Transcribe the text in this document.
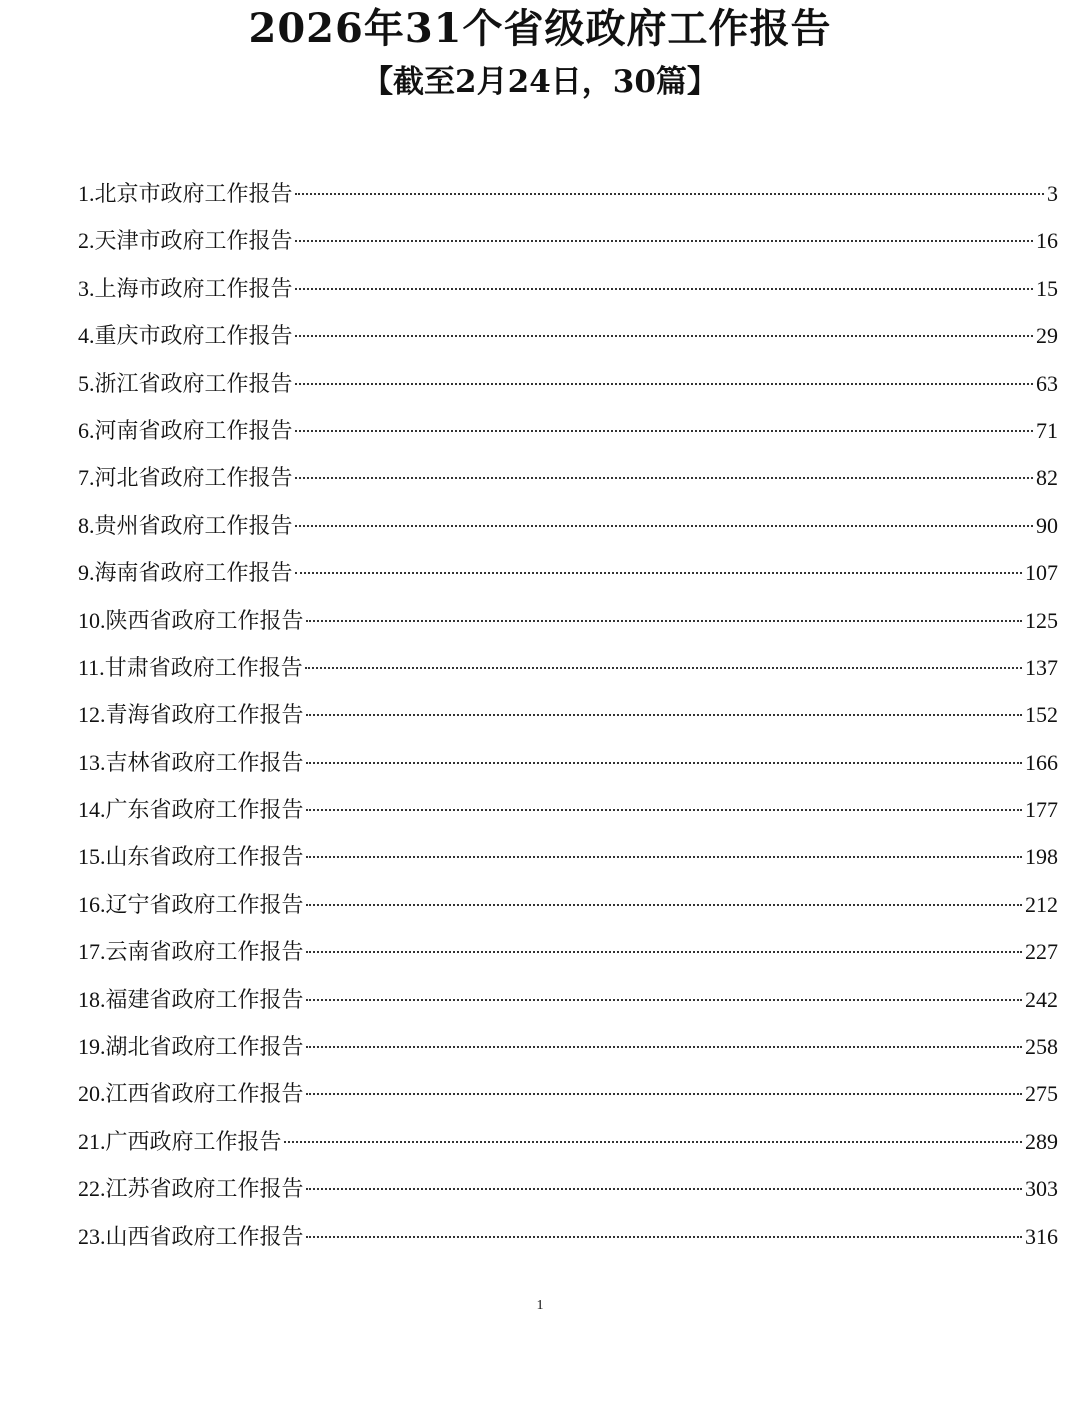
2026年31个省级政府工作报告
【截至2月24日，30篇】
1.北京市政府工作报告	3
2.天津市政府工作报告	16
3.上海市政府工作报告	15
4.重庆市政府工作报告	29
5.浙江省政府工作报告	63
6.河南省政府工作报告	71
7.河北省政府工作报告	82
8.贵州省政府工作报告	90
9.海南省政府工作报告	107
10.陕西省政府工作报告	125
11.甘肃省政府工作报告	137
12.青海省政府工作报告	152
13.吉林省政府工作报告	166
14.广东省政府工作报告	177
15.山东省政府工作报告	198
16.辽宁省政府工作报告	212
17.云南省政府工作报告	227
18.福建省政府工作报告	242
19.湖北省政府工作报告	258
20.江西省政府工作报告	275
21.广西政府工作报告	289
22.江苏省政府工作报告	303
23.山西省政府工作报告	316
1
